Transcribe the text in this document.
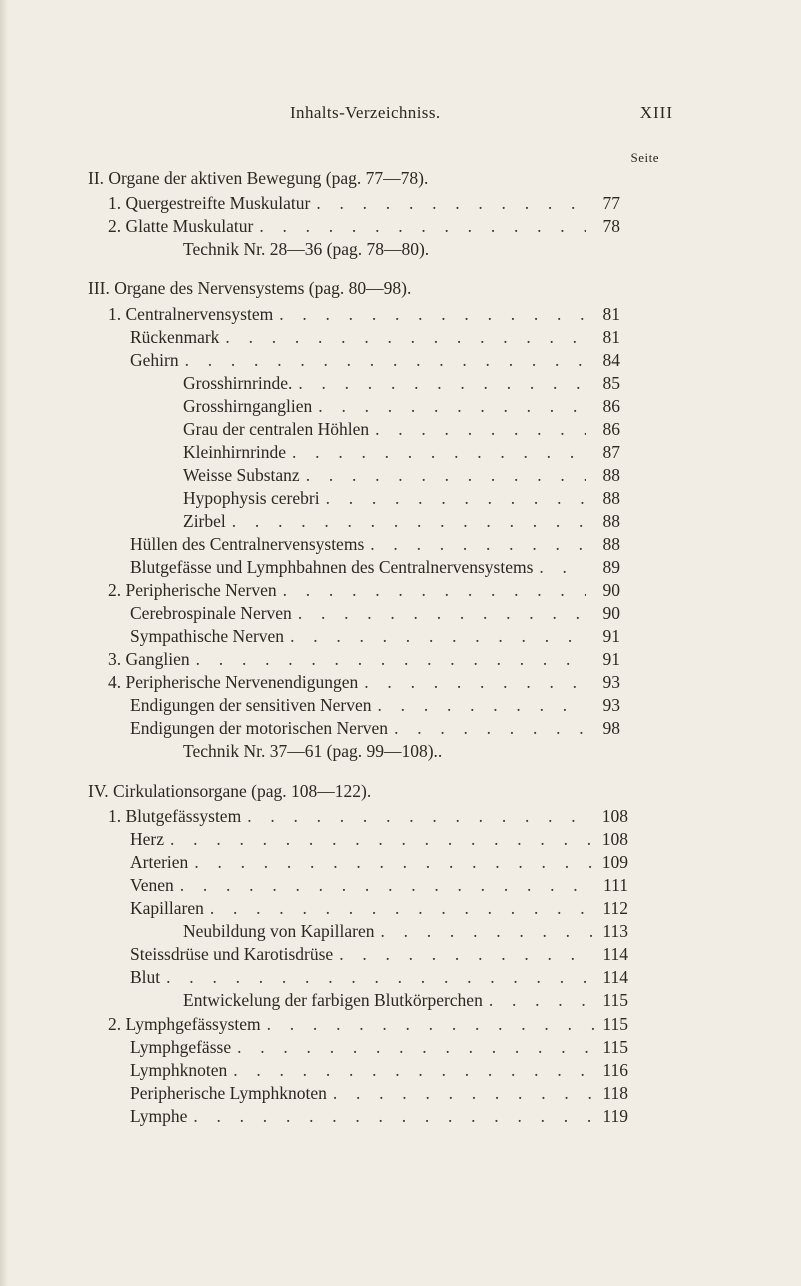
Inhalts-Verzeichniss.	XIII
Seite
II. Organe der aktiven Bewegung (pag. 77—78).
1. Quergestreifte Muskulatur . . .	77
2. Glatte Muskulatur . . .	78
Technik Nr. 28—36 (pag. 78—80).
III. Organe des Nervensystems (pag. 80—98).
1. Centralnervensystem . . .	81
Rückenmark . . .	81
Gehirn . . .	84
Grosshirnrinde. . . .	85
Grosshirnganglien . . .	86
Grau der centralen Höhlen . . .	86
Kleinhirnrinde . . .	87
Weisse Substanz . . .	88
Hypophysis cerebri . . .	88
Zirbel . . .	88
Hüllen des Centralnervensystems . . .	88
Blutgefässe und Lymphbahnen des Centralnervensystems . . .	89
2. Peripherische Nerven . . .	90
Cerebrospinale Nerven . . .	90
Sympathische Nerven . . .	91
3. Ganglien . . .	91
4. Peripherische Nervenendigungen . . .	93
Endigungen der sensitiven Nerven . . .	93
Endigungen der motorischen Nerven . . .	98
Technik Nr. 37—61 (pag. 99—108)..
IV. Cirkulationsorgane (pag. 108—122).
1. Blutgefässystem . . .	108
Herz . . .	108
Arterien . . .	109
Venen . . .	111
Kapillaren . . .	112
Neubildung von Kapillaren . . .	113
Steissdrüse und Karotisdrüse . . .	114
Blut . . .	114
Entwickelung der farbigen Blutkörperchen . . .	115
2. Lymphgefässystem . . .	115
Lymphgefässe . . .	115
Lymphknoten . . .	116
Peripherische Lymphknoten . . .	118
Lymphe . . .	119
